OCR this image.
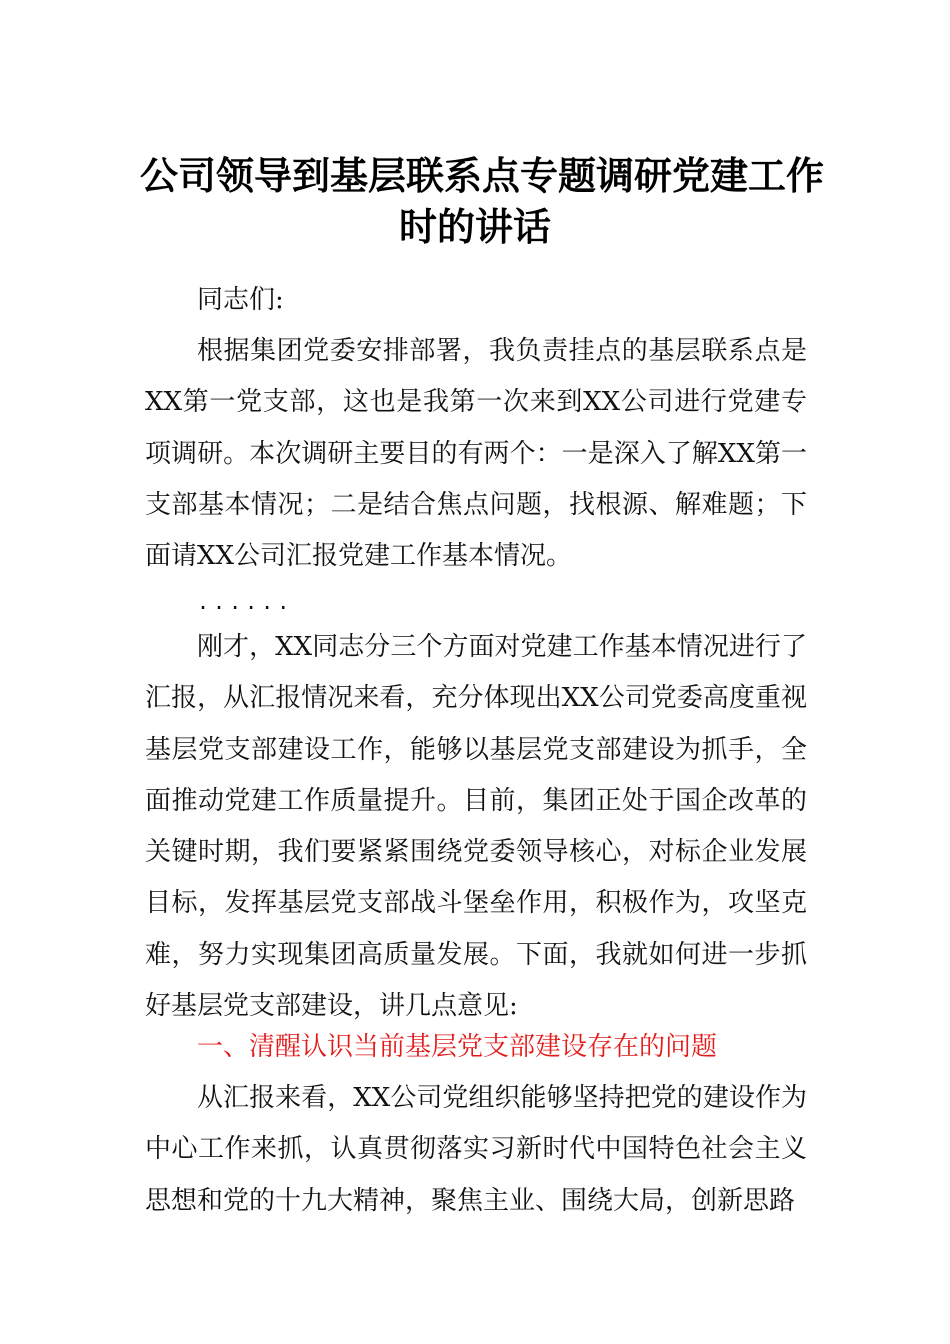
公司领导到基层联系点专题调研党建工作
时的讲话

同志们:

根据集团党委安排部署，我负责挂点的基层联系点是XX第一党支部，这也是我第一次来到XX公司进行党建专项调研。本次调研主要目的有两个：一是深入了解XX第一支部基本情况；二是结合焦点问题，找根源、解难题；下面请XX公司汇报党建工作基本情况。

......

刚才，XX同志分三个方面对党建工作基本情况进行了汇报，从汇报情况来看，充分体现出XX公司党委高度重视基层党支部建设工作，能够以基层党支部建设为抓手，全面推动党建工作质量提升。目前，集团正处于国企改革的关键时期，我们要紧紧围绕党委领导核心，对标企业发展目标，发挥基层党支部战斗堡垒作用，积极作为，攻坚克难，努力实现集团高质量发展。下面，我就如何进一步抓好基层党支部建设，讲几点意见:

一、清醒认识当前基层党支部建设存在的问题

从汇报来看，XX公司党组织能够坚持把党的建设作为中心工作来抓，认真贯彻落实习新时代中国特色社会主义思想和党的十九大精神，聚焦主业、围绕大局，创新思路
